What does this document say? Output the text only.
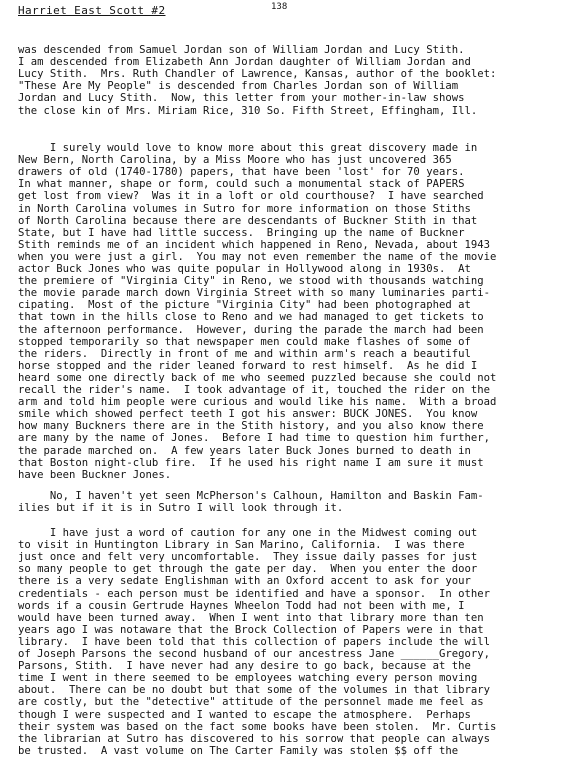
Harriet East Scott #2	138
was descended from Samuel Jordan son of William Jordan and Lucy Stith.
I am descended from Elizabeth Ann Jordan daughter of William Jordan and
Lucy Stith.  Mrs. Ruth Chandler of Lawrence, Kansas, author of the booklet:
"These Are My People" is descended from Charles Jordan son of William
Jordan and Lucy Stith.  Now, this letter from your mother-in-law shows
the close kin of Mrs. Miriam Rice, 310 So. Fifth Street, Effingham, Ill.
I surely would love to know more about this great discovery made in
New Bern, North Carolina, by a Miss Moore who has just uncovered 365
drawers of old (1740-1780) papers, that have been 'lost' for 70 years.
In what manner, shape or form, could such a monumental stack of PAPERS
get lost from view?  Was it in a loft or old courthouse?  I have searched
in North Carolina volumes in Sutro for more information on those Stiths
of North Carolina because there are descendants of Buckner Stith in that
State, but I have had little success.  Bringing up the name of Buckner
Stith reminds me of an incident which happened in Reno, Nevada, about 1943
when you were just a girl.  You may not even remember the name of the movie
actor Buck Jones who was quite popular in Hollywood along in 1930s.  At
the premiere of "Virginia City" in Reno, we stood with thousands watching
the movie parade march down Virginia Street with so many luminaries parti-
cipating.  Most of the picture "Virginia City" had been photographed at
that town in the hills close to Reno and we had managed to get tickets to
the afternoon performance.  However, during the parade the march had been
stopped temporarily so that newspaper men could make flashes of some of
the riders.  Directly in front of me and within arm's reach a beautiful
horse stopped and the rider leaned forward to rest himself.  As he did I
heard some one directly back of me who seemed puzzled because she could not
recall the rider's name.  I took advantage of it, touched the rider on the
arm and told him people were curious and would like his name.  With a broad
smile which showed perfect teeth I got his answer: BUCK JONES.  You know
how many Buckners there are in the Stith history, and you also know there
are many by the name of Jones.  Before I had time to question him further,
the parade marched on.  A few years later Buck Jones burned to death in
that Boston night-club fire.  If he used his right name I am sure it must
have been Buckner Jones.
No, I haven't yet seen McPherson's Calhoun, Hamilton and Baskin Fam-
ilies but if it is in Sutro I will look through it.
I have just a word of caution for any one in the Midwest coming out
to visit in Huntington Library in San Marino, California.  I was there
just once and felt very uncomfortable.  They issue daily passes for just
so many people to get through the gate per day.  When you enter the door
there is a very sedate Englishman with an Oxford accent to ask for your
credentials - each person must be identified and have a sponsor.  In other
words if a cousin Gertrude Haynes Wheelon Todd had not been with me, I
would have been turned away.  When I went into that library more than ten
years ago I was notaware that the Brock Collection of Papers were in that
library.  I have been told that this collection of papers include the will
of Joseph Parsons the second husband of our ancestress Jane ______Gregory,
Parsons, Stith.  I have never had any desire to go back, because at the
time I went in there seemed to be employees watching every person moving
about.  There can be no doubt but that some of the volumes in that library
are costly, but the "detective" attitude of the personnel made me feel as
though I were suspected and I wanted to escape the atmosphere.  Perhaps
their system was based on the fact some books have been stolen.  Mr. Curtis
the librarian at Sutro has discovered to his sorrow that people can always
be trusted.  A vast volume on The Carter Family was stolen $$ off the
